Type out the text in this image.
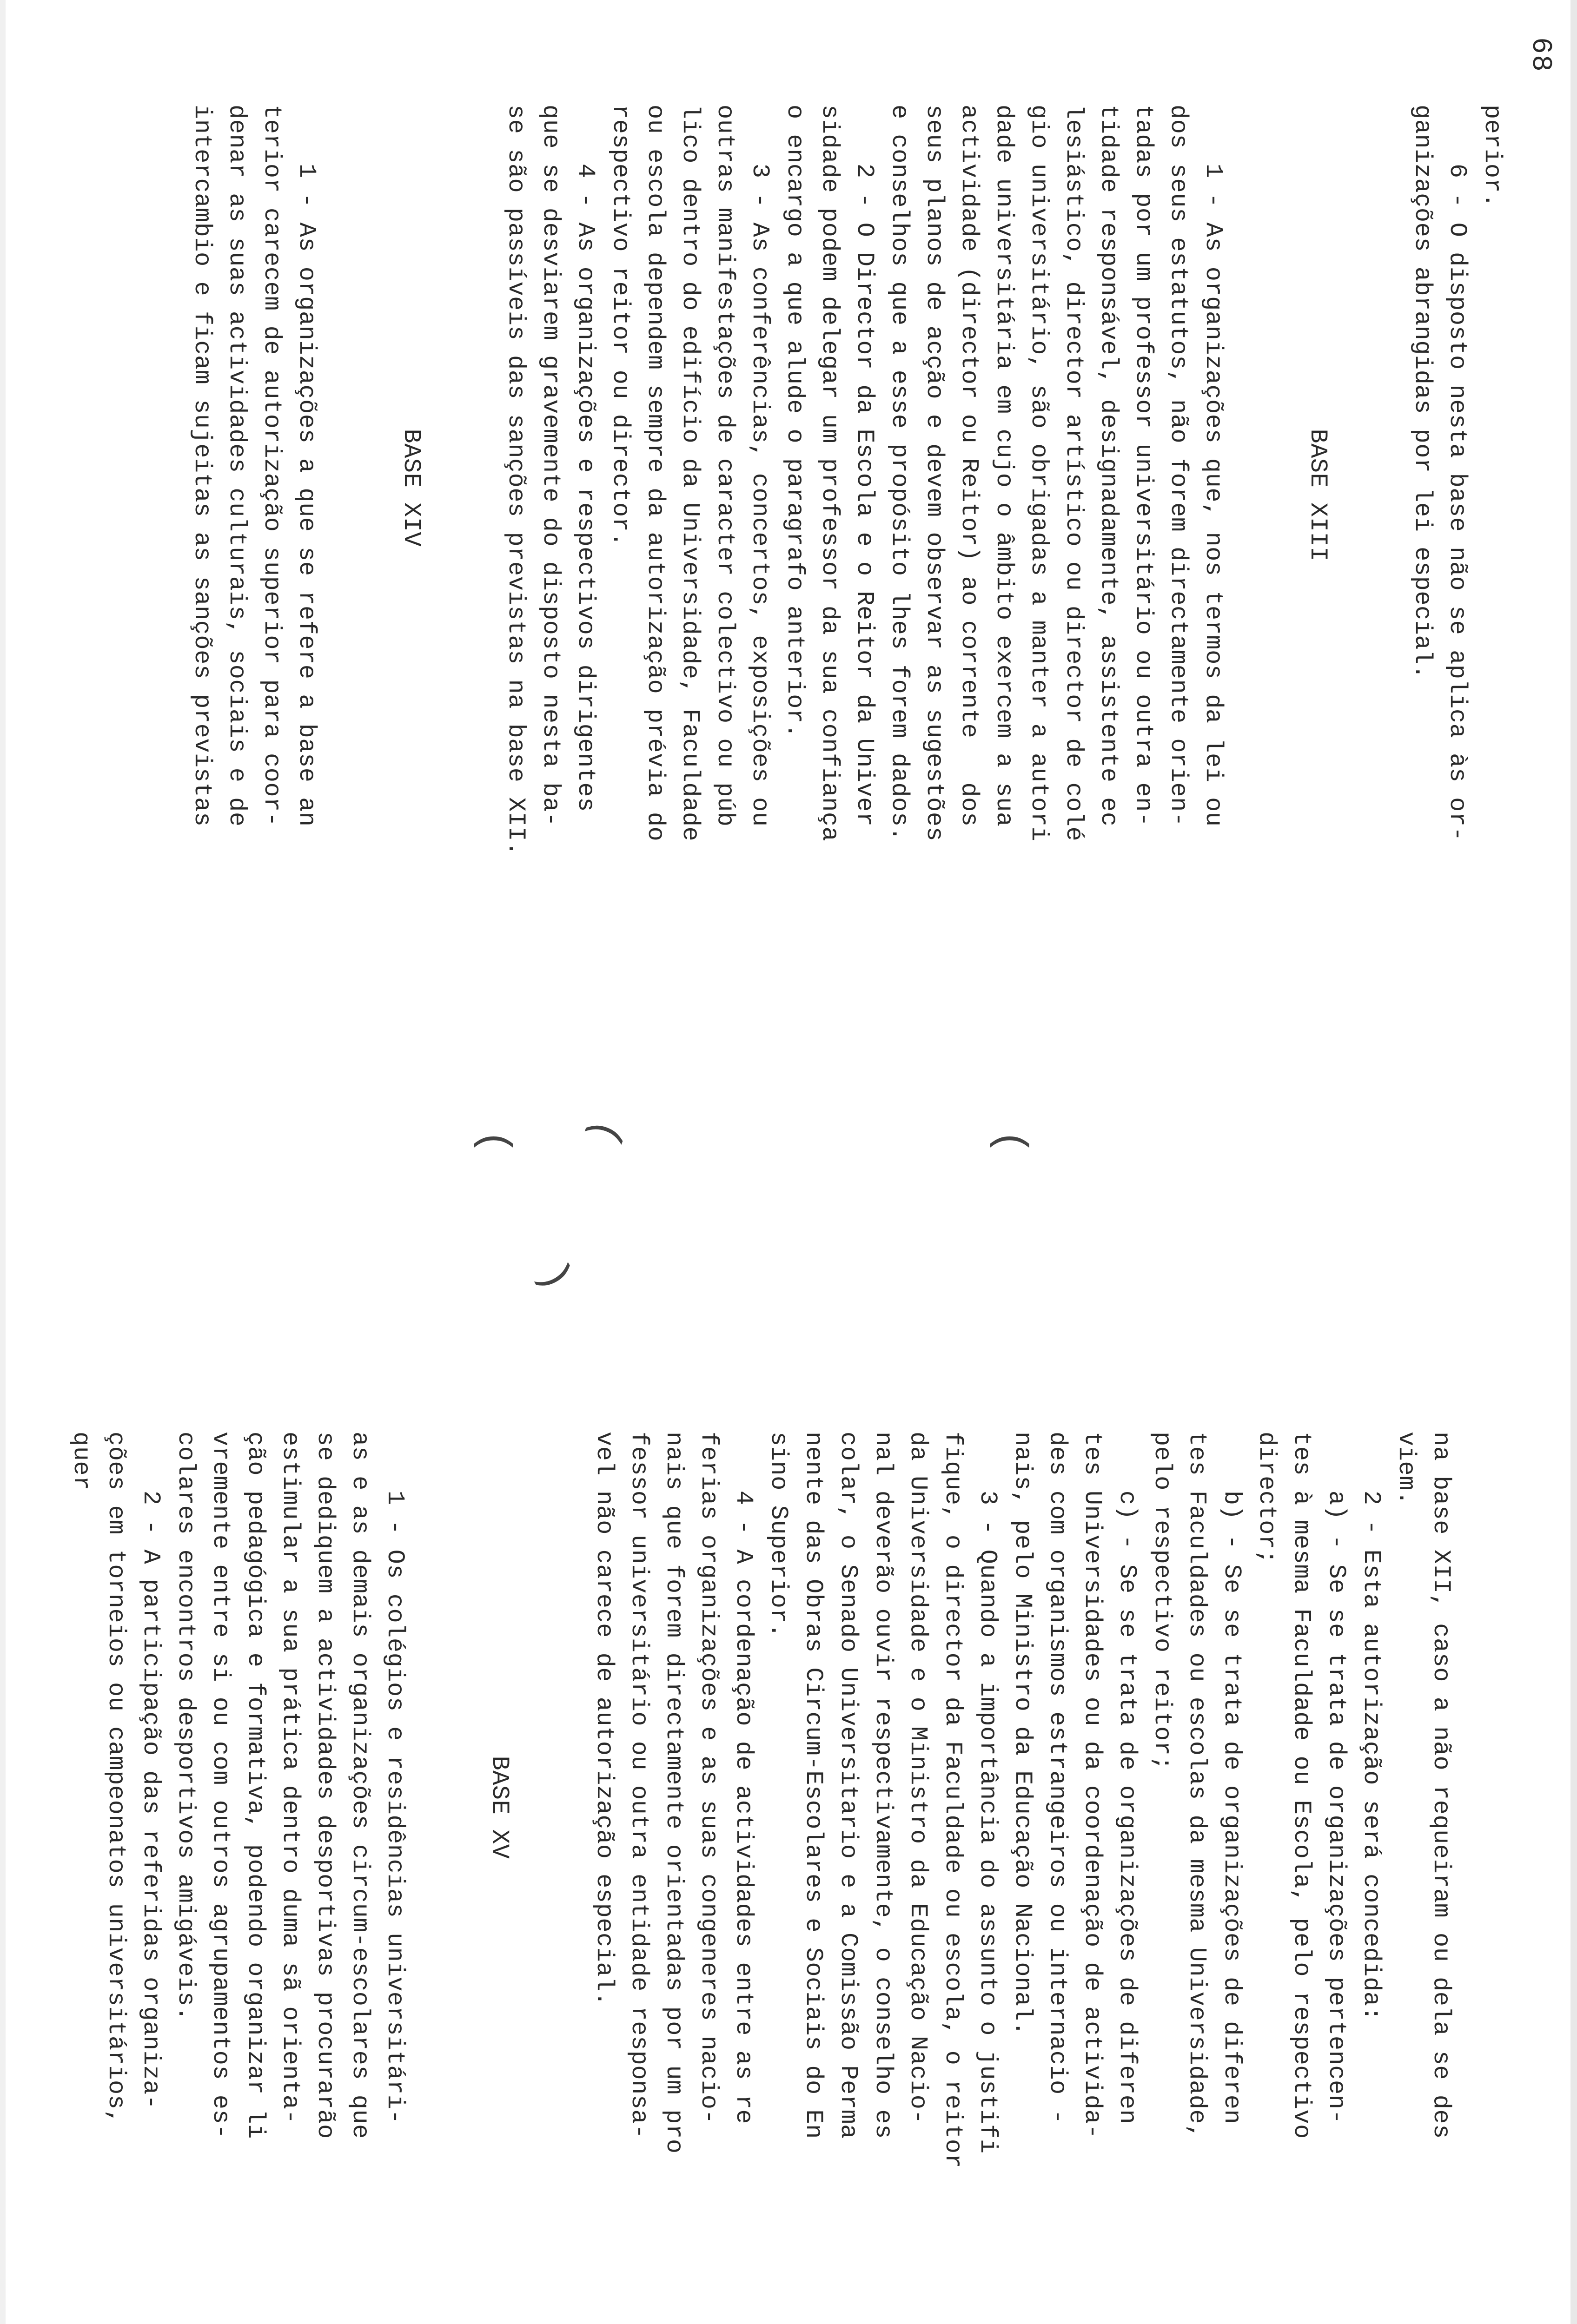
68
perior.
6 - O disposto nesta base não se aplica às or-
ganizações abrangidas por lei especial.
BASE XIII
1 - As organizações que, nos termos da lei ou
dos seus estatutos, não forem directamente orien-
tadas por um professor universitário ou outra en-
tidade responsável, designadamente, assistente ec
lesiástico, director artístico ou director de colé
gio universitário, são obrigadas a manter a autori
dade universitária em cujo o âmbito exercem a sua
actividade (director ou Reitor) ao corrente   dos
seus planos de acção e devem observar as sugestões
e conselhos que a esse propósito lhes forem dados.
2 - O Director da Escola e o Reitor da Univer
sidade podem delegar um professor da sua confiança
o encargo a que alude o paragrafo anterior.
3 - As conferências, concertos, exposições ou
outras manifestações de caracter colectivo ou púb
lico dentro do edifício da Universidade, Faculdade
ou escola dependem sempre da autorização prévia do
respectivo reitor ou director.
4 - As organizações e respectivos dirigentes
que se desviarem gravemente do disposto nesta ba-
se são passíveis das sanções previstas na base XII.
BASE XIV
1 - As organizações a que se refere a base an
terior carecem de autorização superior para coor-
denar as suas actividades culturais, sociais e de
intercambio e ficam sujeitas as sanções previstas
na base XII, caso a não requeiram ou dela se des
viem.
2 - Esta autorização será concedida:
a) - Se se trata de organizações pertencen-
tes à mesma Faculdade ou Escola, pelo respectivo
director;
b) - Se se trata de organizações de diferen
tes Faculdades ou escolas da mesma Universidade,
pelo respectivo reitor;
c) - Se se trata de organizações de diferen
tes Universidades ou da coordenação de activida-
des com organismos estrangeiros ou internacio -
nais, pelo Ministro da Educação Nacional.
3 - Quando a importância do assunto o justifi
fique, o director da Faculdade ou escola, o reitor
da Universidade e o Ministro da Educação Nacio-
nal deverão ouvir respectivamente, o conselho es
colar, o Senado Universitario e a Comissão Perma
nente das Obras Circum-Escolares e Sociais do En
sino Superior.
4 - A cordenação de actividades entre as re
ferias organizações e as suas congeneres nacio-
nais que forem directamente orientadas por um pro
fessor universitário ou outra entidade responsa-
vel não carece de autorização especial.
BASE XV
1 - Os colégios e residências universitári-
as e as demais organizações circum-escolares que
se dediquem a actividades desportivas procurarão
estimular a sua prática dentro duma sã orienta-
ção pedagógica e formativa, podendo organizar li
vremente entre si ou com outros agrupamentos es-
colares encontros desportivos amigáveis.
2 - A participação das referidas organiza-
ções em torneios ou campeonatos universitários,
quer
(
( (
)
